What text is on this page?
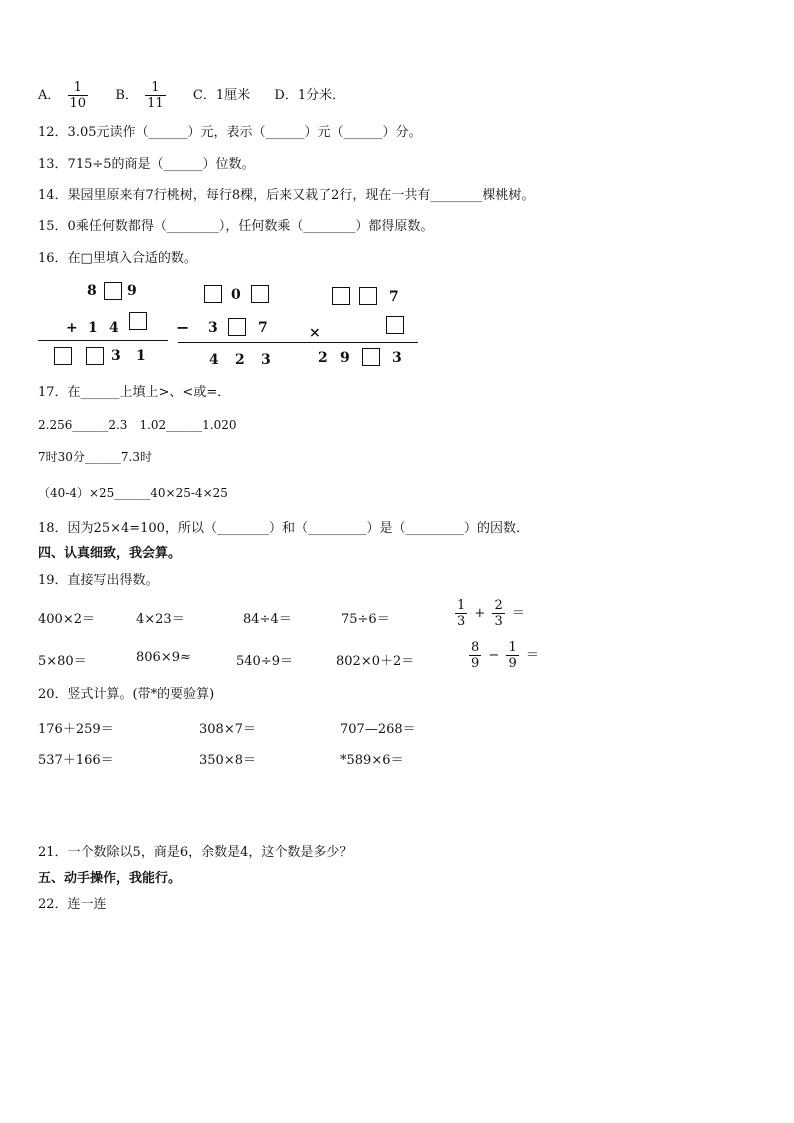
A． $\frac{1}{10}$ B． $\frac{1}{11}$ C．1厘米 D．1分米．
12．3.05元读作（______）元，表示（______）元（______）分。
13．715÷5的商是（______）位数。
14．果园里原来有7行桃树，每行8棵，后来又栽了2行，现在一共有________棵桃树。
15．0乘任何数都得（________），任何数乘（________）都得原数。
16．在□里填入合适的数。
8 9
+ 1 4
3 1
0
− 3	7
4 2 3
7
×
2 9	3
17．在______上填上>、<或=．
2.256______2.3　1.02______1.020
7时30分______7.3时
（40-4）×25______40×25-4×25
18．因为25×4=100，所以（________）和（_________）是（_________）的因数．
四、认真细致，我会算。
19．直接写出得数。
400×2＝	4×23＝	84÷4＝	75÷6＝	$\frac{1}{3} + \frac{2}{3}$ ＝
5×80＝	806×9≈	540÷9＝	802×0＋2＝	$\frac{8}{9} - \frac{1}{9}$ ＝
20．竖式计算。(带*的要验算)
176＋259＝	308×7＝	707—268＝
537＋166＝	350×8＝	*589×6＝
21．一个数除以5，商是6，余数是4，这个数是多少？
五、动手操作，我能行。
22．连一连
